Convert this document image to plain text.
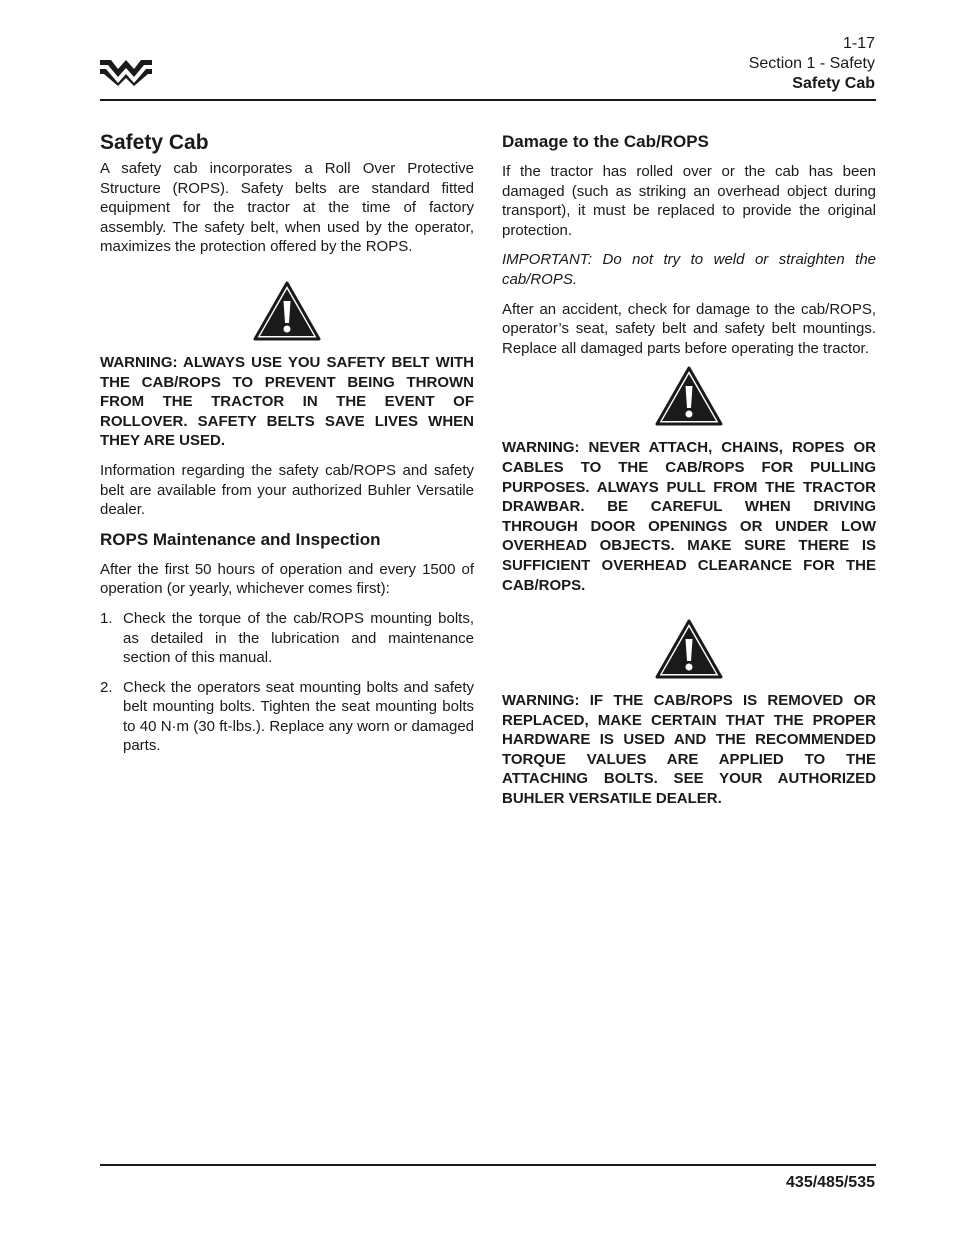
1-17
Section 1 - Safety
Safety Cab
Safety Cab

A safety cab incorporates a Roll Over Protective Structure (ROPS). Safety belts are standard fitted equipment for the tractor at the time of factory assembly. The safety belt, when used by the operator, maximizes the protection offered by the ROPS.

WARNING: ALWAYS USE YOU SAFETY BELT WITH THE CAB/ROPS TO PREVENT BEING THROWN FROM THE TRACTOR IN THE EVENT OF ROLLOVER. SAFETY BELTS SAVE LIVES WHEN THEY ARE USED.

Information regarding the safety cab/ROPS and safety belt are available from your authorized Buhler Versatile dealer.

ROPS Maintenance and Inspection

After the first 50 hours of operation and every 1500 of operation (or yearly, whichever comes first):

1. Check the torque of the cab/ROPS mounting bolts, as detailed in the lubrication and maintenance section of this manual.
2. Check the operators seat mounting bolts and safety belt mounting bolts. Tighten the seat mounting bolts to 40 N·m (30 ft-lbs.). Replace any worn or damaged parts.
Damage to the Cab/ROPS

If the tractor has rolled over or the cab has been damaged (such as striking an overhead object during transport), it must be replaced to provide the original protection.

IMPORTANT: Do not try to weld or straighten the cab/ROPS.

After an accident, check for damage to the cab/ROPS, operator’s seat, safety belt and safety belt mountings. Replace all damaged parts before operating the tractor.

WARNING: NEVER ATTACH, CHAINS, ROPES OR CABLES TO THE CAB/ROPS FOR PULLING PURPOSES. ALWAYS PULL FROM THE TRACTOR DRAWBAR. BE CAREFUL WHEN DRIVING THROUGH DOOR OPENINGS OR UNDER LOW OVERHEAD OBJECTS. MAKE SURE THERE IS SUFFICIENT OVERHEAD CLEARANCE FOR THE CAB/ROPS.

WARNING: IF THE CAB/ROPS IS REMOVED OR REPLACED, MAKE CERTAIN THAT THE PROPER HARDWARE IS USED AND THE RECOMMENDED TORQUE VALUES ARE APPLIED TO THE ATTACHING BOLTS. SEE YOUR AUTHORIZED BUHLER VERSATILE DEALER.

435/485/535
